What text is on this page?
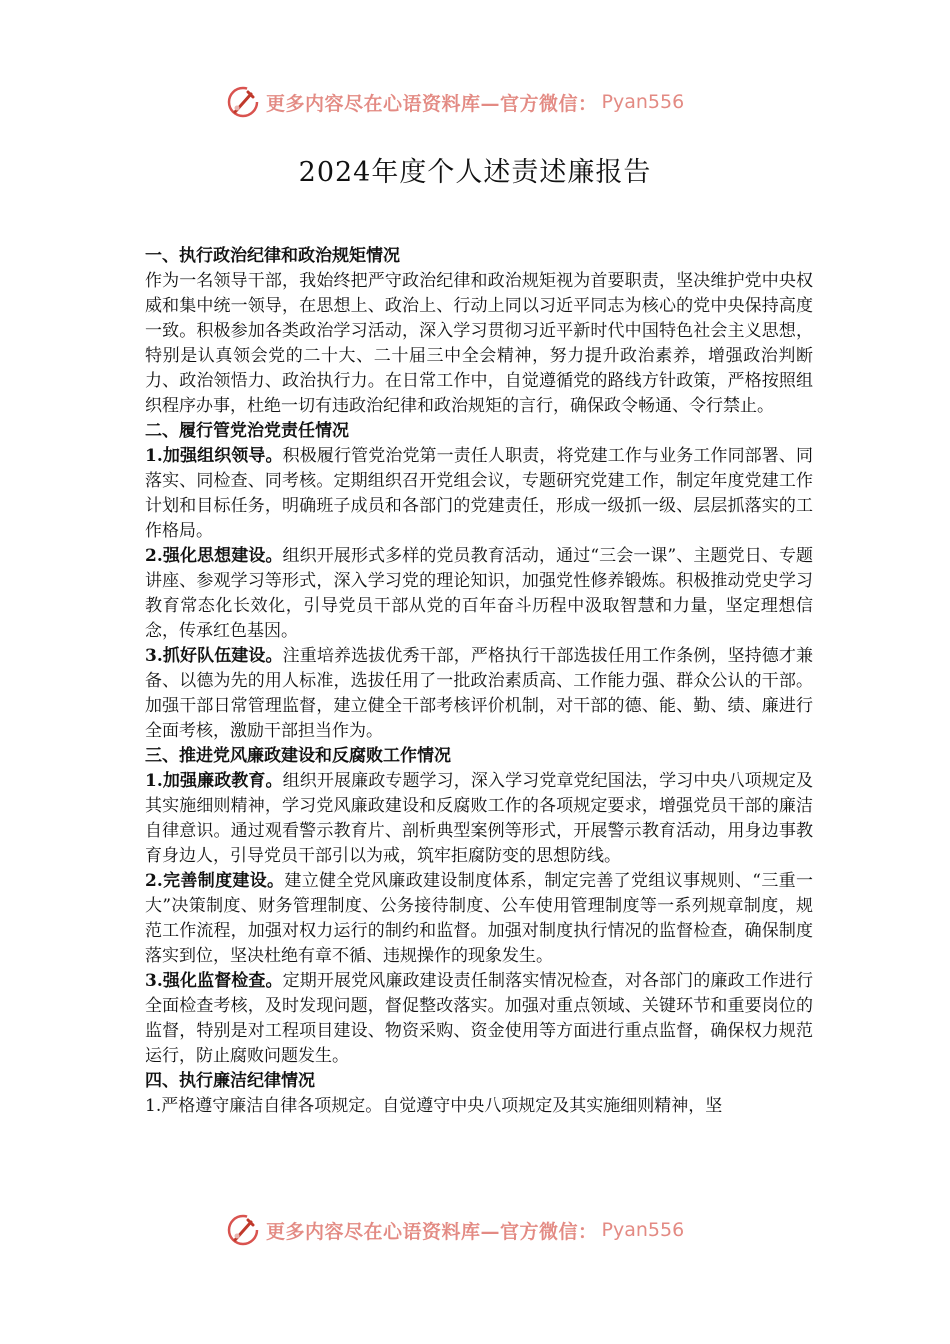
更多内容尽在心语资料库—官方微信： Pyan556
2024年度个人述责述廉报告
一、执行政治纪律和政治规矩情况

作为一名领导干部，我始终把严守政治纪律和政治规矩视为首要职责，坚决维护党中央权威和集中统一领导，在思想上、政治上、行动上同以习近平同志为核心的党中央保持高度一致。积极参加各类政治学习活动，深入学习贯彻习近平新时代中国特色社会主义思想，特别是认真领会党的二十大、二十届三中全会精神，努力提升政治素养，增强政治判断力、政治领悟力、政治执行力。在日常工作中，自觉遵循党的路线方针政策，严格按照组织程序办事，杜绝一切有违政治纪律和政治规矩的言行，确保政令畅通、令行禁止。

二、履行管党治党责任情况

1.加强组织领导。积极履行管党治党第一责任人职责，将党建工作与业务工作同部署、同落实、同检查、同考核。定期组织召开党组会议，专题研究党建工作，制定年度党建工作计划和目标任务，明确班子成员和各部门的党建责任，形成一级抓一级、层层抓落实的工作格局。

2.强化思想建设。组织开展形式多样的党员教育活动，通过“三会一课”、主题党日、专题讲座、参观学习等形式，深入学习党的理论知识，加强党性修养锻炼。积极推动党史学习教育常态化长效化，引导党员干部从党的百年奋斗历程中汲取智慧和力量，坚定理想信念，传承红色基因。

3.抓好队伍建设。注重培养选拔优秀干部，严格执行干部选拔任用工作条例，坚持德才兼备、以德为先的用人标准，选拔任用了一批政治素质高、工作能力强、群众公认的干部。加强干部日常管理监督，建立健全干部考核评价机制，对干部的德、能、勤、绩、廉进行全面考核，激励干部担当作为。

三、推进党风廉政建设和反腐败工作情况

1.加强廉政教育。组织开展廉政专题学习，深入学习党章党纪国法，学习中央八项规定及其实施细则精神，学习党风廉政建设和反腐败工作的各项规定要求，增强党员干部的廉洁自律意识。通过观看警示教育片、剖析典型案例等形式，开展警示教育活动，用身边事教育身边人，引导党员干部引以为戒，筑牢拒腐防变的思想防线。

2.完善制度建设。建立健全党风廉政建设制度体系，制定完善了党组议事规则、“三重一大”决策制度、财务管理制度、公务接待制度、公车使用管理制度等一系列规章制度，规范工作流程，加强对权力运行的制约和监督。加强对制度执行情况的监督检查，确保制度落实到位，坚决杜绝有章不循、违规操作的现象发生。

3.强化监督检查。定期开展党风廉政建设责任制落实情况检查，对各部门的廉政工作进行全面检查考核，及时发现问题，督促整改落实。加强对重点领域、关键环节和重要岗位的监督，特别是对工程项目建设、物资采购、资金使用等方面进行重点监督，确保权力规范运行，防止腐败问题发生。

四、执行廉洁纪律情况

1.严格遵守廉洁自律各项规定。自觉遵守中央八项规定及其实施细则精神，坚

更多内容尽在心语资料库—官方微信： Pyan556
